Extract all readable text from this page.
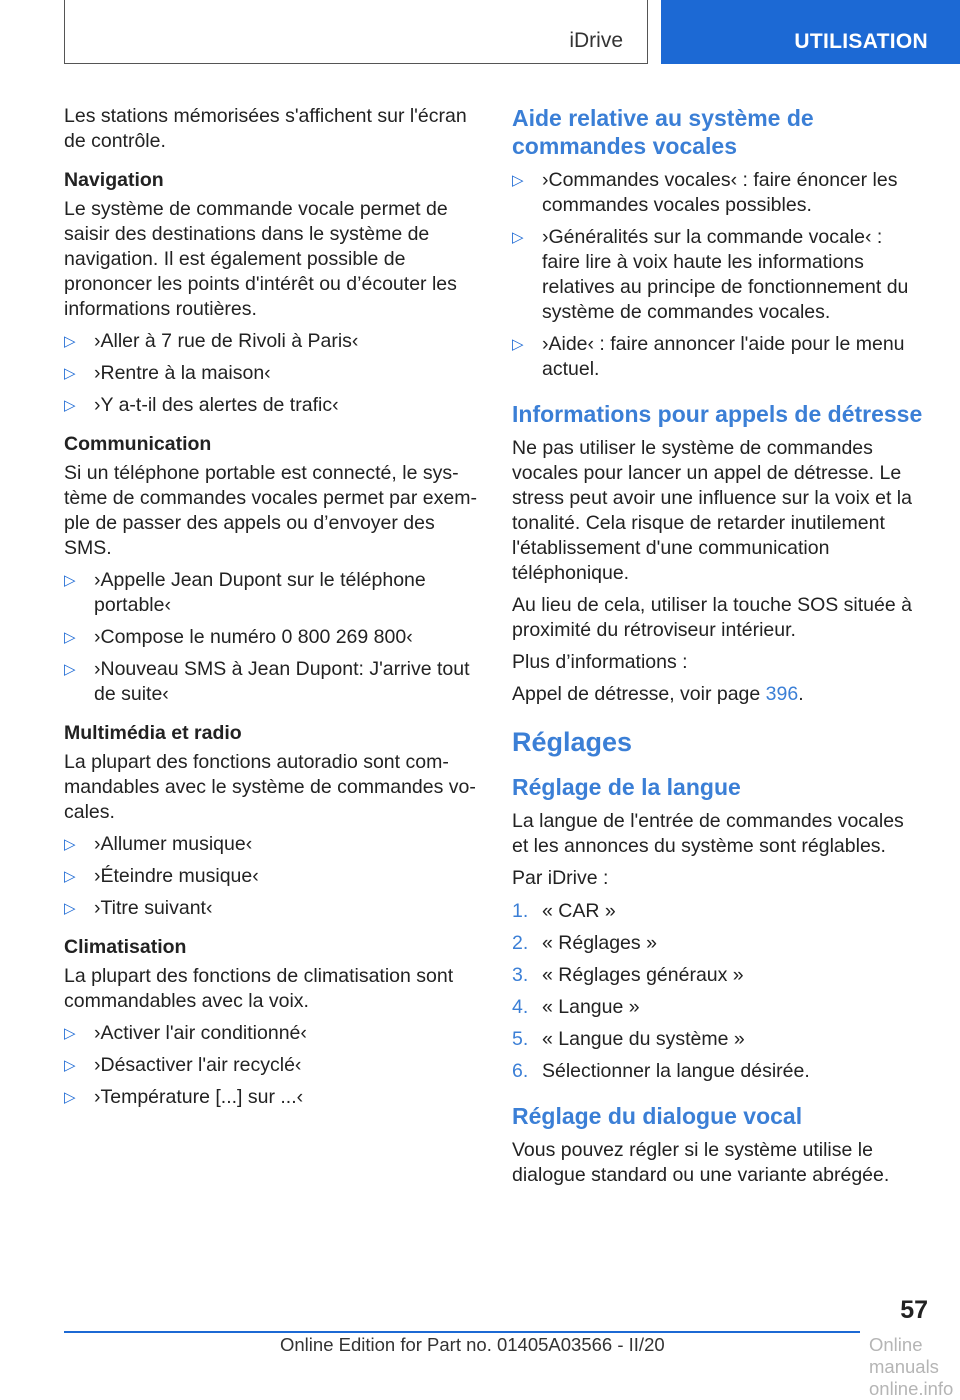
iDrive	UTILISATION

Les stations mémorisées s'affichent sur l'écran de contrôle.

Navigation

Le système de commande vocale permet de saisir des destinations dans le système de navigation. Il est également possible de prononcer les points d'intérêt ou d’écouter les informations routières.

▷ ›Aller à 7 rue de Rivoli à Paris‹
▷ ›Rentre à la maison‹
▷ ›Y a-t-il des alertes de trafic‹
Communication

Si un téléphone portable est connecté, le système de commandes vocales permet par exemple de passer des appels ou d’envoyer des SMS.

▷ ›Appelle Jean Dupont sur le téléphone portable‹
▷ ›Compose le numéro 0 800 269 800‹
▷ ›Nouveau SMS à Jean Dupont: J'arrive tout de suite‹
Multimédia et radio

La plupart des fonctions autoradio sont commandables avec le système de commandes vocales.

▷ ›Allumer musique‹
▷ ›Éteindre musique‹
▷ ›Titre suivant‹
Climatisation

La plupart des fonctions de climatisation sont commandables avec la voix.

▷ ›Activer l'air conditionné‹
▷ ›Désactiver l'air recyclé‹
▷ ›Température [...] sur ...‹
Aide relative au système de commandes vocales
▷ ›Commandes vocales‹ : faire énoncer les commandes vocales possibles.
▷ ›Généralités sur la commande vocale‹ : faire lire à voix haute les informations relatives au principe de fonctionnement du système de commandes vocales.
▷ ›Aide‹ : faire annoncer l'aide pour le menu actuel.
Informations pour appels de détresse

Ne pas utiliser le système de commandes vocales pour lancer un appel de détresse. Le stress peut avoir une influence sur la voix et la tonalité. Cela risque de retarder inutilement l'établissement d'une communication téléphonique.

Au lieu de cela, utiliser la touche SOS située à proximité du rétroviseur intérieur.

Plus d’informations :

Appel de détresse, voir page 396.

Réglages
Réglage de la langue

La langue de l'entrée de commandes vocales et les annonces du système sont réglables.

Par iDrive :

1. « CAR »
2. « Réglages »
3. « Réglages généraux »
4. « Langue »
5. « Langue du système »
6. Sélectionner la langue désirée.
Réglage du dialogue vocal

Vous pouvez régler si le système utilise le dialogue standard ou une variante abrégée.

57
Online Edition for Part no. 01405A03566 - II/20	Online manuals online.info
